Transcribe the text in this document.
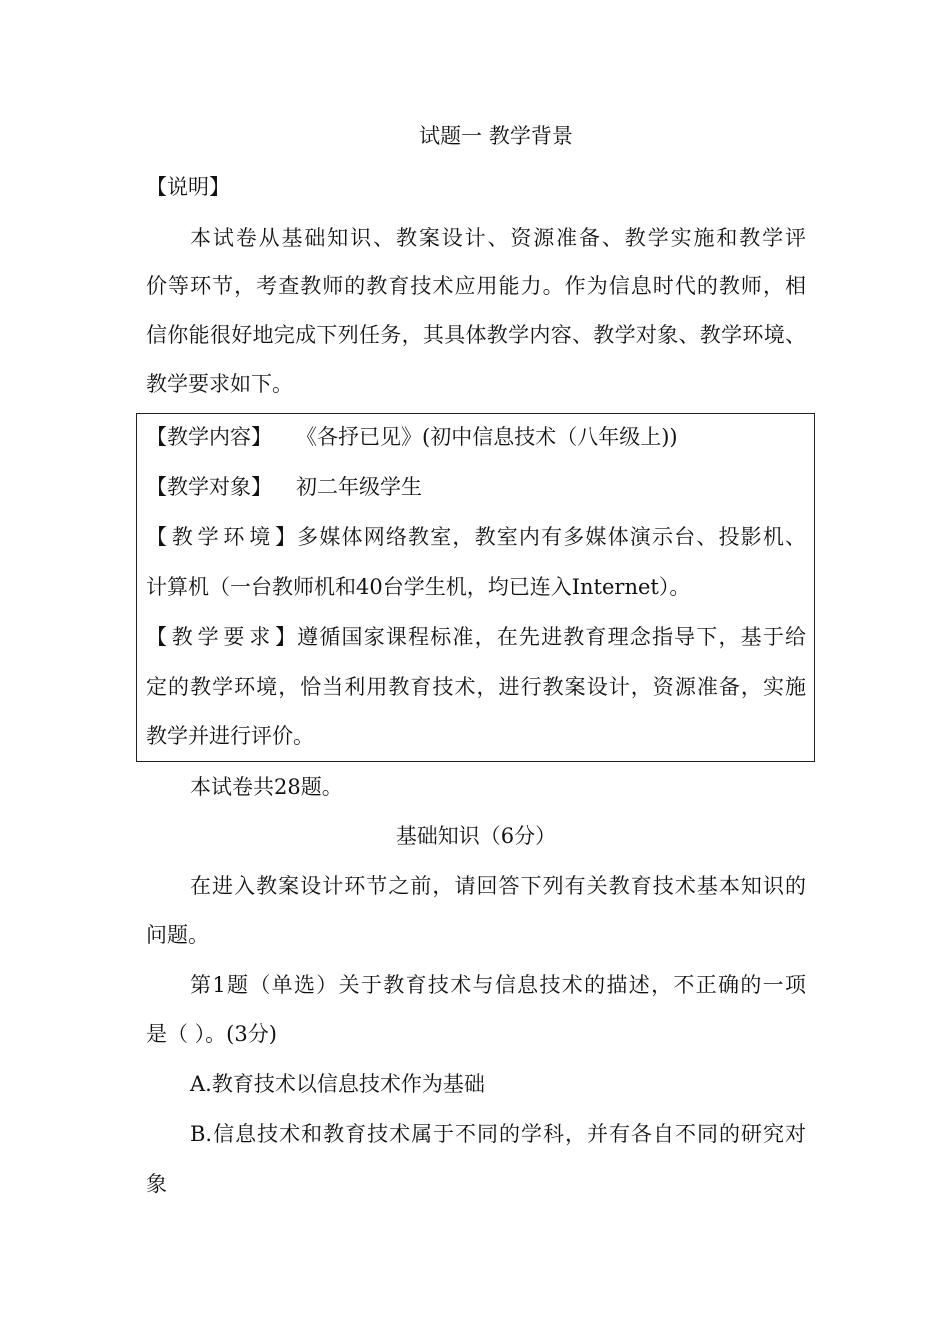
试题一 教学背景
【说明】
本试卷从基础知识、教案设计、资源准备、教学实施和教学评
价等环节，考查教师的教育技术应用能力。作为信息时代的教师，相
信你能很好地完成下列任务，其具体教学内容、教学对象、教学环境、
教学要求如下。
【教学内容】 《各抒已见》(初中信息技术（八年级上))
【教学对象】 初二年级学生
【教学环境】多媒体网络教室，教室内有多媒体演示台、投影机、
计算机（一台教师机和40台学生机，均已连入Internet）。
【教学要求】遵循国家课程标准，在先进教育理念指导下，基于给
定的教学环境，恰当利用教育技术，进行教案设计，资源准备，实施
教学并进行评价。
本试卷共28题。
基础知识（6分）
在进入教案设计环节之前，请回答下列有关教育技术基本知识的
问题。
第1题（单选）关于教育技术与信息技术的描述，不正确的一项
是（ ）。(3分)
A.教育技术以信息技术作为基础
B.信息技术和教育技术属于不同的学科，并有各自不同的研究对
象
